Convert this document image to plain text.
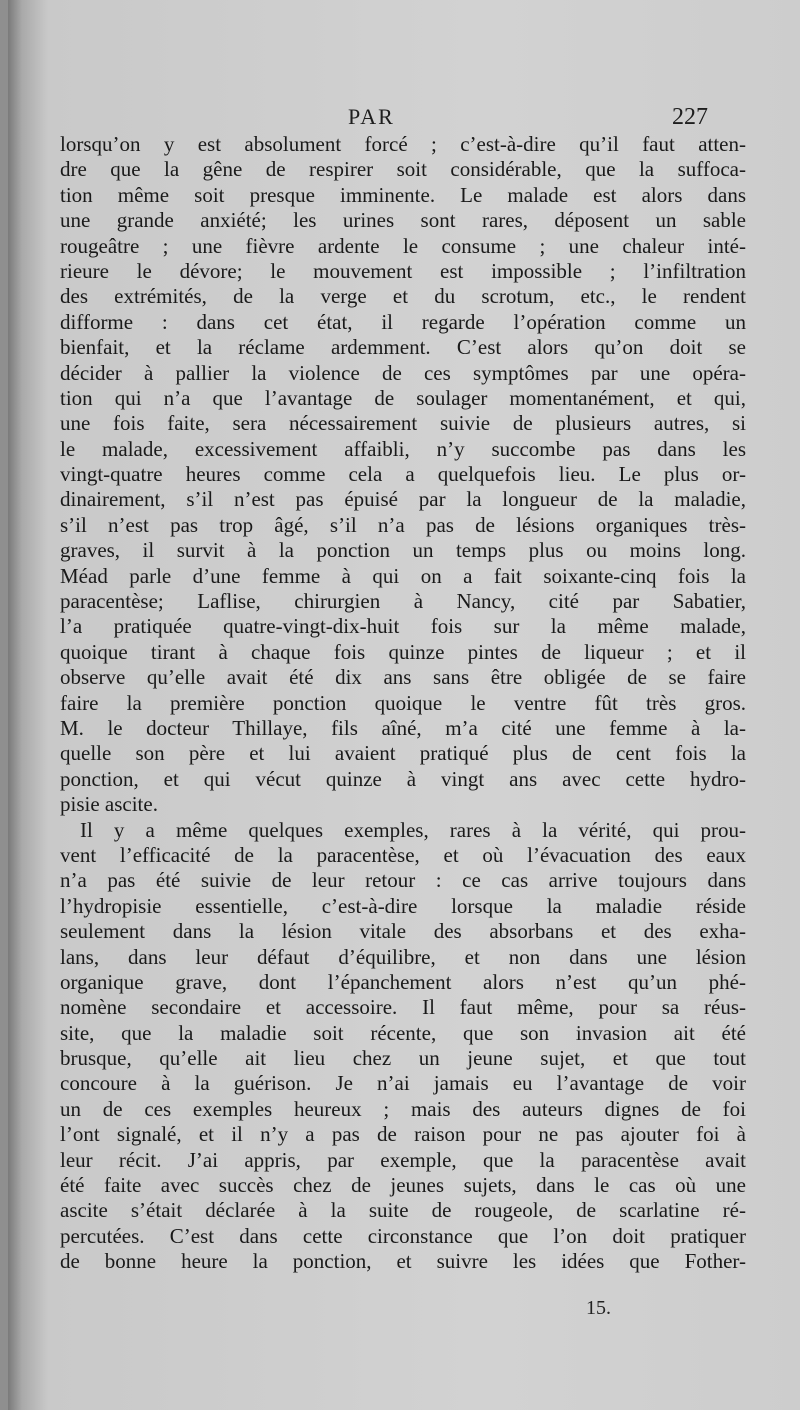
PAR	227
lorsqu’on y est absolument forcé ; c’est-à-dire qu’il faut atten-
dre que la gêne de respirer soit considérable, que la suffoca-
tion même soit presque imminente. Le malade est alors dans
une grande anxiété; les urines sont rares, déposent un sable
rougeâtre ; une fièvre ardente le consume ; une chaleur inté-
rieure le dévore; le mouvement est impossible ; l’infiltration
des extrémités, de la verge et du scrotum, etc., le rendent
difforme : dans cet état, il regarde l’opération comme un
bienfait, et la réclame ardemment. C’est alors qu’on doit se
décider à pallier la violence de ces symptômes par une opéra-
tion qui n’a que l’avantage de soulager momentanément, et qui,
une fois faite, sera nécessairement suivie de plusieurs autres, si
le malade, excessivement affaibli, n’y succombe pas dans les
vingt-quatre heures comme cela a quelquefois lieu. Le plus or-
dinairement, s’il n’est pas épuisé par la longueur de la maladie,
s’il n’est pas trop âgé, s’il n’a pas de lésions organiques très-
graves, il survit à la ponction un temps plus ou moins long.
Méad parle d’une femme à qui on a fait soixante-cinq fois la
paracentèse; Laflise, chirurgien à Nancy, cité par Sabatier,
l’a pratiquée quatre-vingt-dix-huit fois sur la même malade,
quoique tirant à chaque fois quinze pintes de liqueur ; et il
observe qu’elle avait été dix ans sans être obligée de se faire
faire la première ponction quoique le ventre fût très gros.
M. le docteur Thillaye, fils aîné, m’a cité une femme à la-
quelle son père et lui avaient pratiqué plus de cent fois la
ponction, et qui vécut quinze à vingt ans avec cette hydro-
pisie ascite.
Il y a même quelques exemples, rares à la vérité, qui prou-
vent l’efficacité de la paracentèse, et où l’évacuation des eaux
n’a pas été suivie de leur retour : ce cas arrive toujours dans
l’hydropisie essentielle, c’est-à-dire lorsque la maladie réside
seulement dans la lésion vitale des absorbans et des exha-
lans, dans leur défaut d’équilibre, et non dans une lésion
organique grave, dont l’épanchement alors n’est qu’un phé-
nomène secondaire et accessoire. Il faut même, pour sa réus-
site, que la maladie soit récente, que son invasion ait été
brusque, qu’elle ait lieu chez un jeune sujet, et que tout
concoure à la guérison. Je n’ai jamais eu l’avantage de voir
un de ces exemples heureux ; mais des auteurs dignes de foi
l’ont signalé, et il n’y a pas de raison pour ne pas ajouter foi à
leur récit. J’ai appris, par exemple, que la paracentèse avait
été faite avec succès chez de jeunes sujets, dans le cas où une
ascite s’était déclarée à la suite de rougeole, de scarlatine ré-
percutées. C’est dans cette circonstance que l’on doit pratiquer
de bonne heure la ponction, et suivre les idées que Fother-
15.
